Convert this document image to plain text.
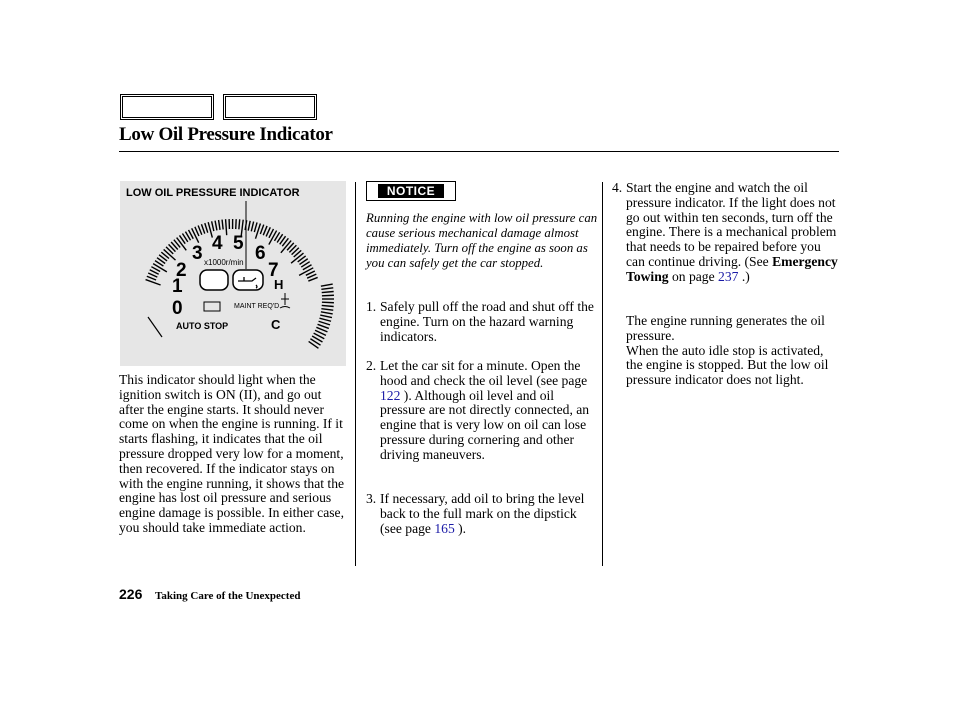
Low Oil Pressure Indicator
LOW OIL PRESSURE INDICATOR
0
1
2
3 4 5 6
7
x1000r/min
MAINT REQ'D
H
C
AUTO STOP
This indicator should light when the ignition switch is ON (II), and go out after the engine starts. It should never come on when the engine is running. If it starts flashing, it indicates that the oil pressure dropped very low for a moment, then recovered. If the indicator stays on with the engine running, it shows that the engine has lost oil pressure and serious engine damage is possible. In either case, you should take immediate action.
NOTICE
Running the engine with low oil pressure can cause serious mechanical damage almost immediately. Turn off the engine as soon as you can safely get the car stopped.
1. Safely pull off the road and shut off the engine. Turn on the hazard warning indicators.
2. Let the car sit for a minute. Open the hood and check the oil level (see page 122 ). Although oil level and oil pressure are not directly connected, an engine that is very low on oil can lose pressure during cornering and other driving maneuvers.
3. If necessary, add oil to bring the level back to the full mark on the dipstick (see page 165 ).
4. Start the engine and watch the oil pressure indicator. If the light does not go out within ten seconds, turn off the engine. There is a mechanical problem that needs to be repaired before you can continue driving. (See Emergency Towing on page 237 .)
The engine running generates the oil pressure.
When the auto idle stop is activated, the engine is stopped. But the low oil pressure indicator does not light.
226 Taking Care of the Unexpected
